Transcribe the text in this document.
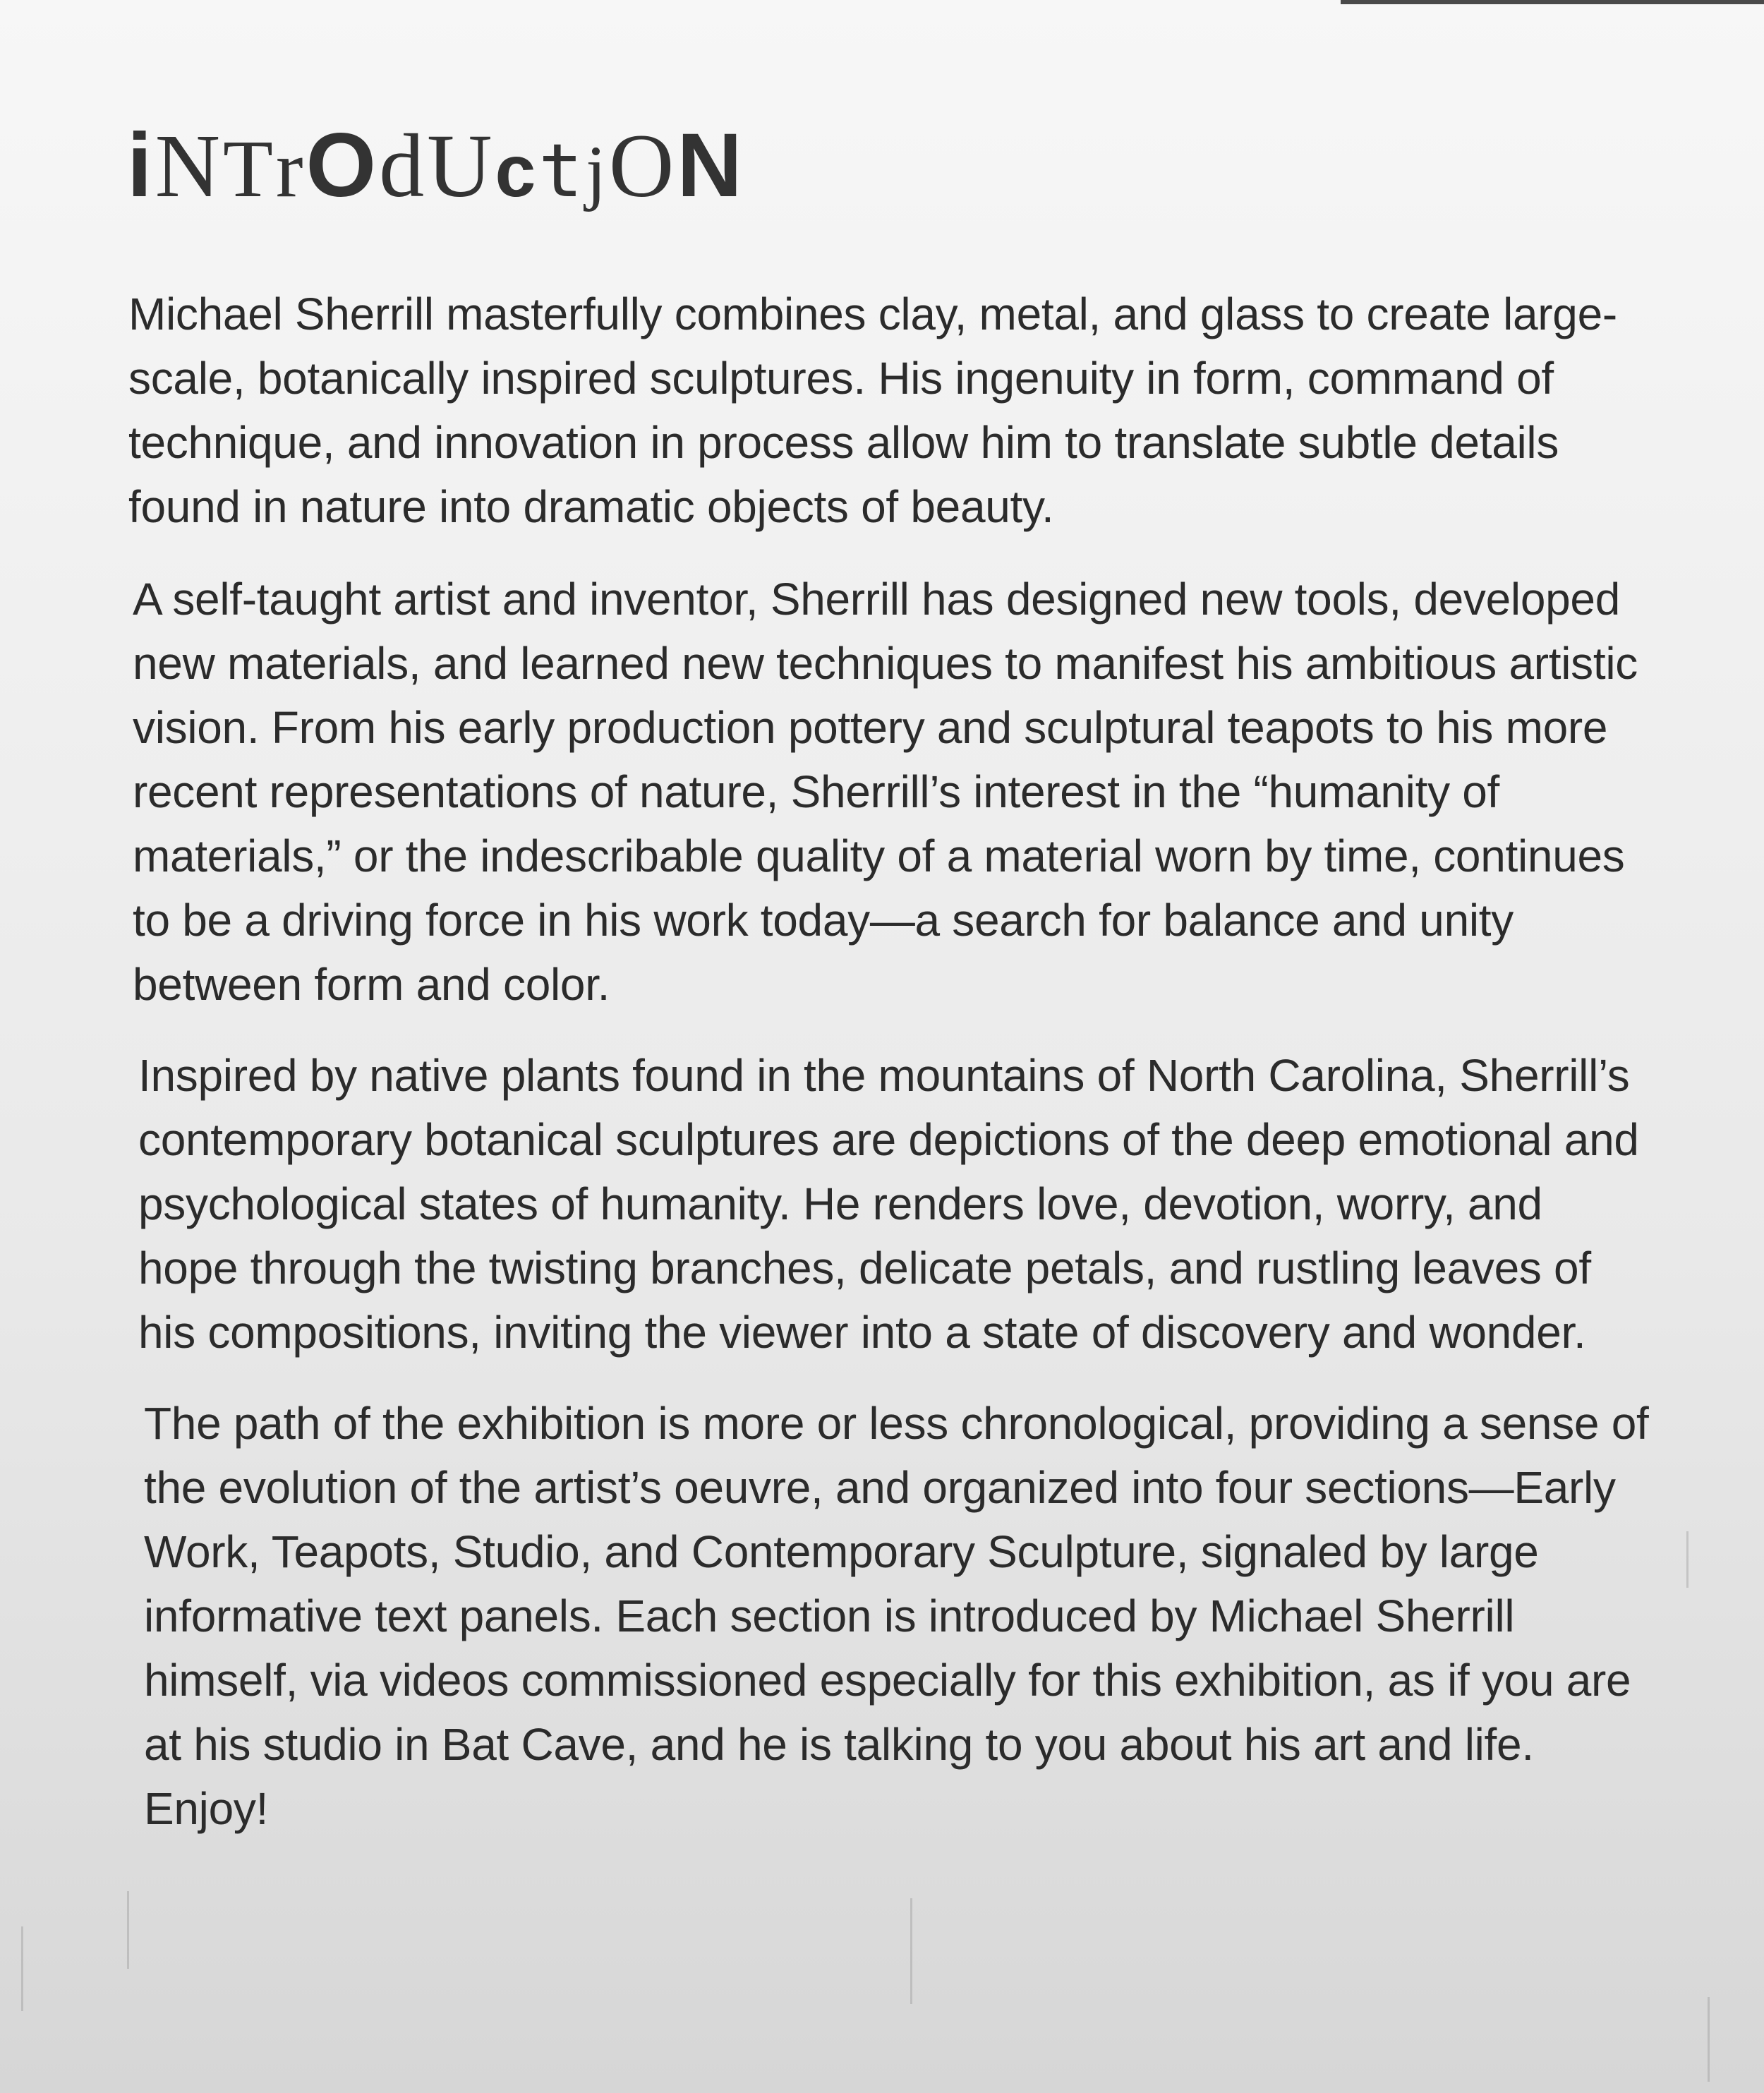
i N T r O d U c t j O N

Michael Sherrill masterfully combines clay, metal, and glass to create large-scale, botanically inspired sculptures. His ingenuity in form, command of technique, and innovation in process allow him to translate subtle details found in nature into dramatic objects of beauty.

A self-taught artist and inventor, Sherrill has designed new tools, developed new materials, and learned new techniques to manifest his ambitious artistic vision. From his early production pottery and sculptural teapots to his more recent representations of nature, Sherrill’s interest in the “humanity of materials,” or the indescribable quality of a material worn by time, continues to be a driving force in his work today—a search for balance and unity between form and color.

Inspired by native plants found in the mountains of North Carolina, Sherrill’s contemporary botanical sculptures are depictions of the deep emotional and psychological states of humanity. He renders love, devotion, worry, and hope through the twisting branches, delicate petals, and rustling leaves of his compositions, inviting the viewer into a state of discovery and wonder.

The path of the exhibition is more or less chronological, providing a sense of the evolution of the artist’s oeuvre, and organized into four sections—Early Work, Teapots, Studio, and Contemporary Sculpture, signaled by large informative text panels. Each section is introduced by Michael Sherrill himself, via videos commissioned especially for this exhibition, as if you are at his studio in Bat Cave, and he is talking to you about his art and life. Enjoy!
